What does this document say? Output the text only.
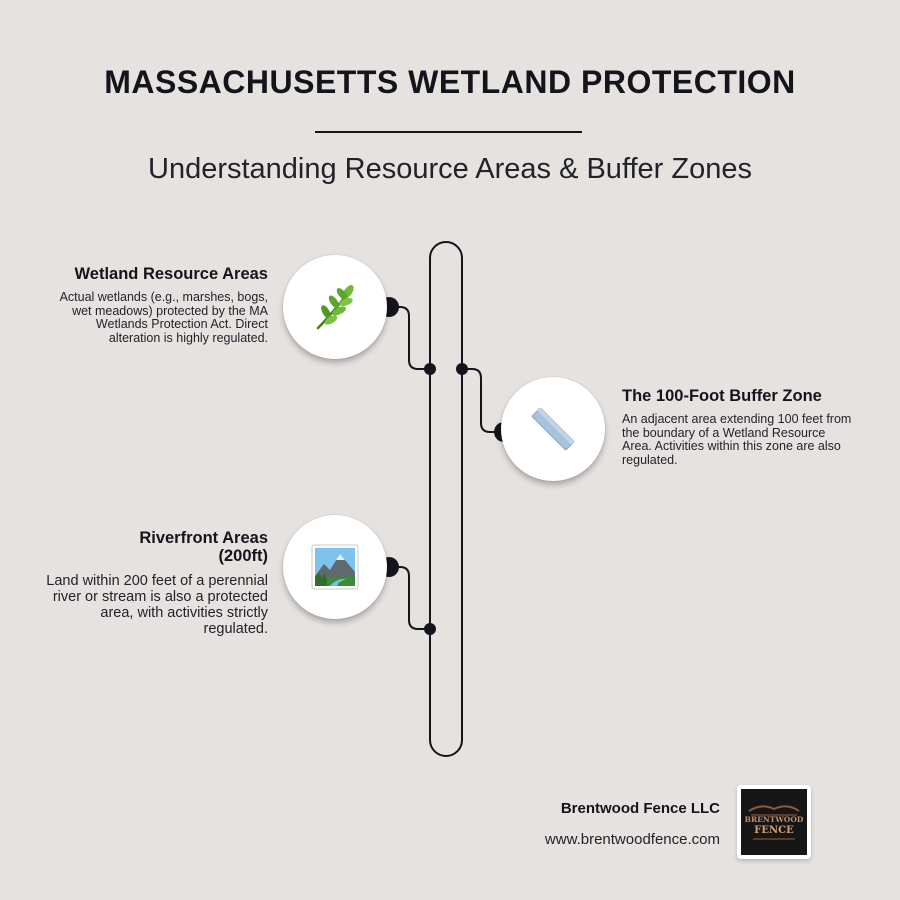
MASSACHUSETTS WETLAND PROTECTION
Understanding Resource Areas & Buffer Zones

Wetland Resource Areas

Actual wetlands (e.g., marshes, bogs, wet meadows) protected by the MA Wetlands Protection Act. Direct alteration is highly regulated.

The 100-Foot Buffer Zone

An adjacent area extending 100 feet from the boundary of a Wetland Resource Area. Activities within this zone are also regulated.

Riverfront Areas (200ft)

Land within 200 feet of a perennial river or stream is also a protected area, with activities strictly regulated.

Brentwood Fence LLC
www.brentwoodfence.com
BRENTWOOD
FENCE
